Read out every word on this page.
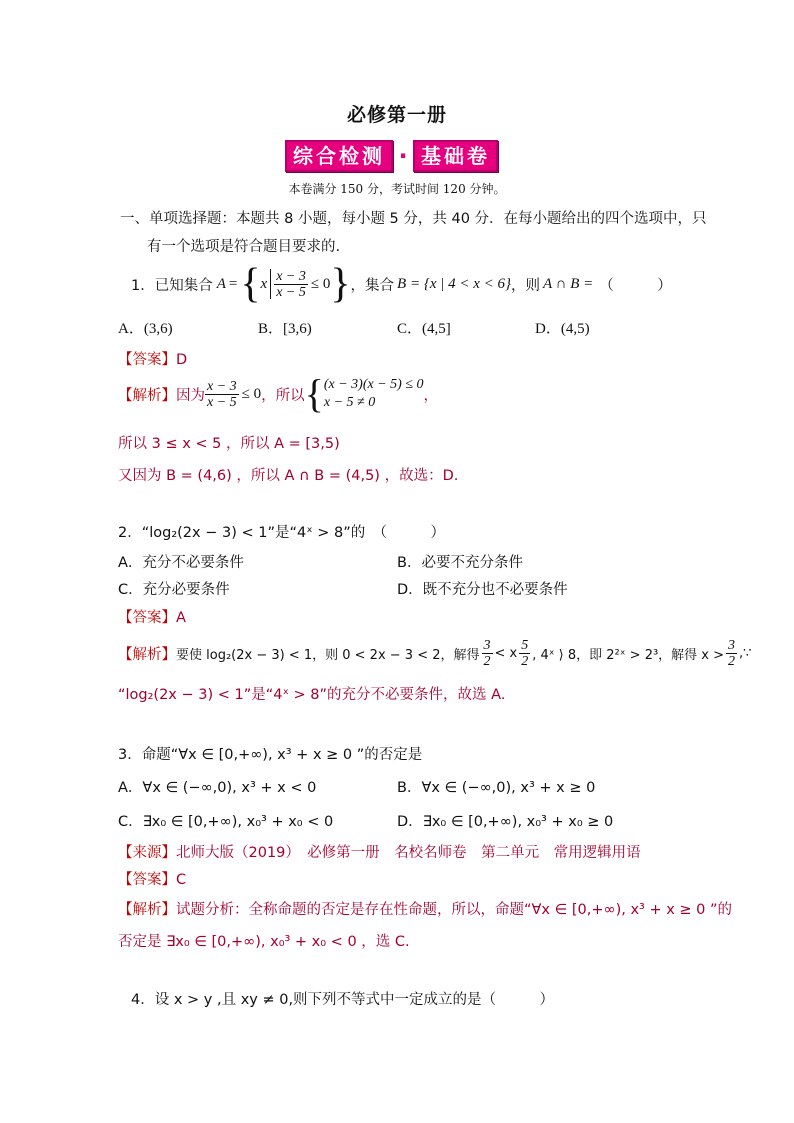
必修第一册
综合检测 · 基础卷
本卷满分 150 分，考试时间 120 分钟。
一、单项选择题：本题共 8 小题，每小题 5 分，共 40 分．在每小题给出的四个选项中，只
有一个选项是符合题目要求的.
1．已知集合 A = { x $\frac{x - 3}{x - 5} \le 0$ } ，集合 B = {x | 4 < x < 6} ，则 A ∩ B = （　　　）
A．(3,6)	B．[3,6)	C．(4,5]	D．(4,5)
【答案】D
【解析】 因为 $\frac{x - 3}{x - 5} \le 0$ ，所以 { (x − 3)(x − 5) ≤ 0
x − 5 ≠ 0	，
所以 3 ≤ x < 5 ，所以 A = [3,5)
又因为 B = (4,6) ，所以 A ∩ B = (4,5) ，故选：D.
2．“log₂(2x − 3) < 1”是“4ˣ > 8”的　（　　　）
A．充分不必要条件	B．必要不充分条件
C．充分必要条件	D．既不充分也不必要条件
【答案】A
【解析】 要使 log₂(2x − 3) < 1，则 0 < 2x − 3 < 2，解得 $\frac{3}{2} < x \frac{5}{2}$ , 4ˣ ⟩ 8，即 2²ˣ > 2³，解得 $x > \frac{3}{2}$ ,∵
“log₂(2x − 3) < 1”是“4ˣ > 8”的充分不必要条件，故选 A.
3．命题“∀x ∈ [0,+∞), x³ + x ≥ 0 ”的否定是
A．∀x ∈ (−∞,0), x³ + x < 0	B．∀x ∈ (−∞,0), x³ + x ≥ 0
C．∃x₀ ∈ [0,+∞), x₀³ + x₀ < 0	D．∃x₀ ∈ [0,+∞), x₀³ + x₀ ≥ 0
【来源】北师大版（2019）　必修第一册　名校名师卷　第二单元　常用逻辑用语
【答案】C
【解析】试题分析：全称命题的否定是存在性命题，所以，命题“∀x ∈ [0,+∞), x³ + x ≥ 0 ”的
否定是 ∃x₀ ∈ [0,+∞), x₀³ + x₀ < 0 ，选 C.
4．设 x > y ,且 xy ≠ 0,则下列不等式中一定成立的是（　　　）
